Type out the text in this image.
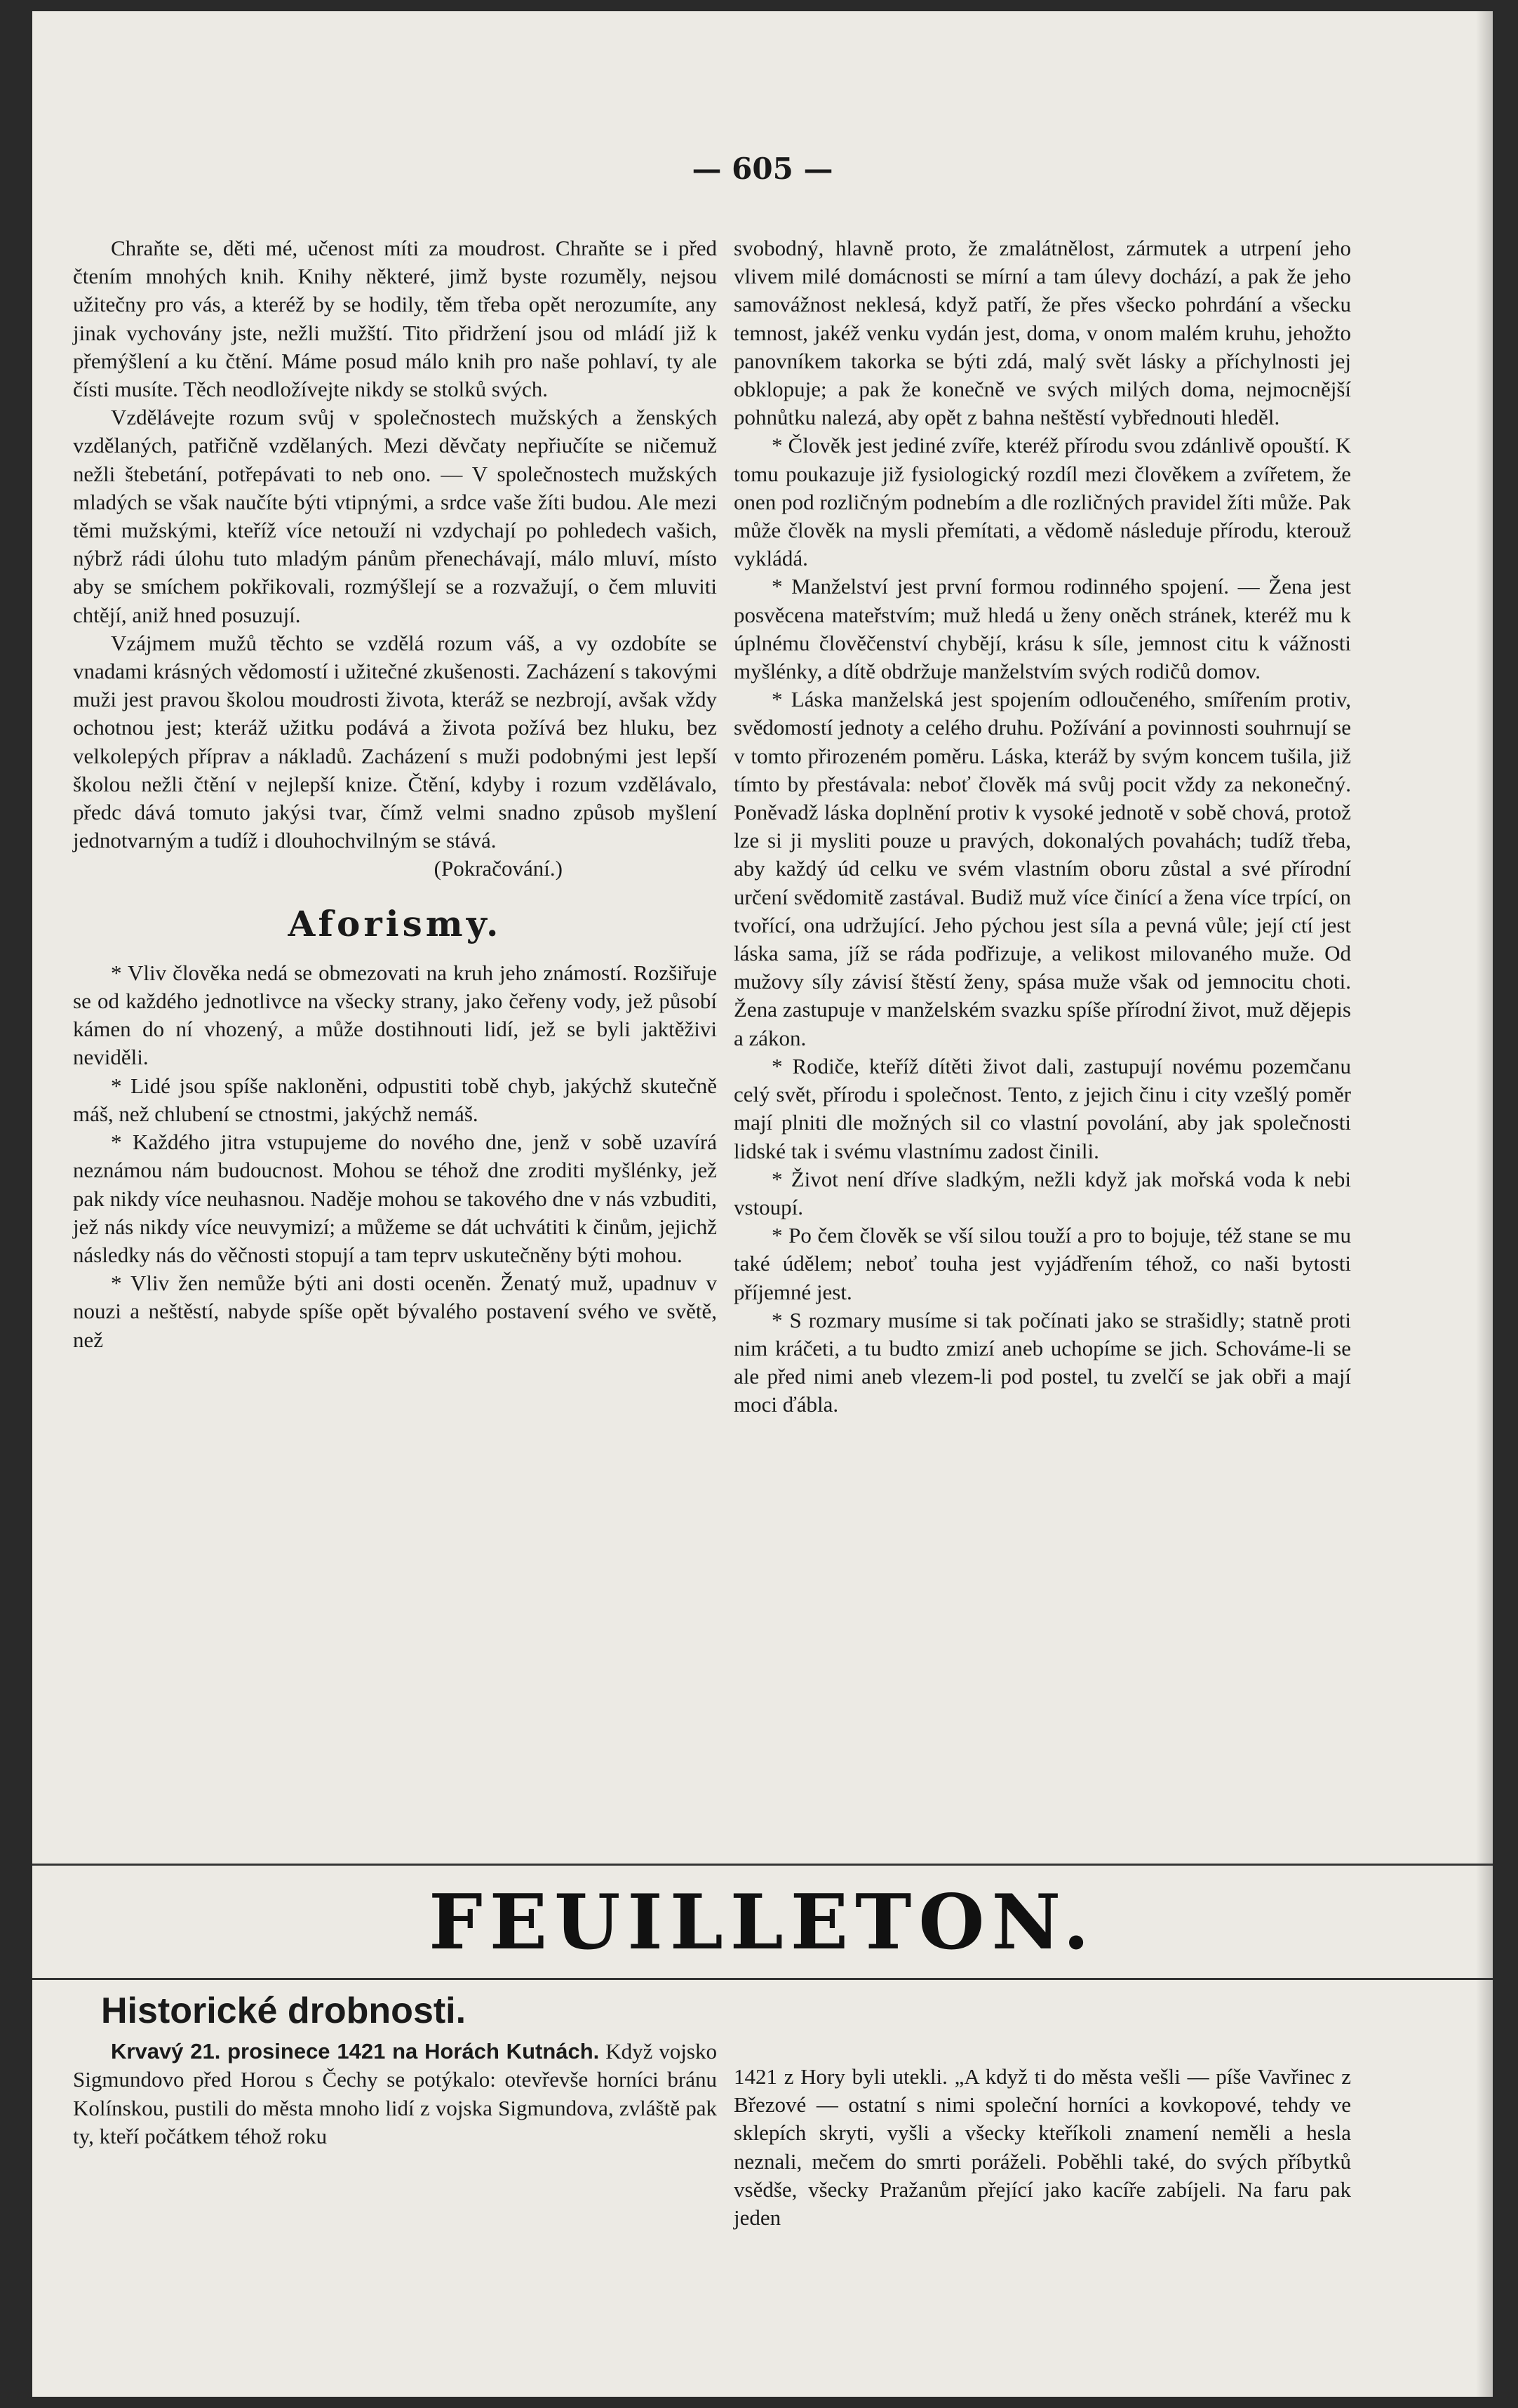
— 605 —

Chraňte se, děti mé, učenost míti za moudrost. Chraňte se i před čtením mnohých knih. Knihy některé, jimž byste rozuměly, nejsou užitečny pro vás, a kteréž by se hodily, těm třeba opět nerozumíte, any jinak vychovány jste, nežli mužští. Tito přidržení jsou od mládí již k přemýšlení a ku čtění. Máme posud málo knih pro naše pohlaví, ty ale čísti musíte. Těch neodložívejte nikdy se stolků svých.

Vzdělávejte rozum svůj v společnostech mužských a ženských vzdělaných, patřičně vzdělaných. Mezi děvčaty nepřiučíte se ničemuž nežli štebetání, potřepávati to neb ono. — V společnostech mužských mladých se však naučíte býti vtipnými, a srdce vaše žíti budou. Ale mezi těmi mužskými, kteříž více netouží ni vzdychají po pohledech vašich, nýbrž rádi úlohu tuto mladým pánům přenechávají, málo mluví, místo aby se smíchem pokřikovali, rozmýšlejí se a rozvažují, o čem mluviti chtějí, aniž hned posuzují.

Vzájmem mužů těchto se vzdělá rozum váš, a vy ozdobíte se vnadami krásných vědomostí i užitečné zkušenosti. Zacházení s takovými muži jest pravou školou moudrosti života, kteráž se nezbrojí, avšak vždy ochotnou jest; kteráž užitku podává a života požívá bez hluku, bez velkolepých příprav a nákladů. Zacházení s muži podobnými jest lepší školou nežli čtění v nejlepší knize. Čtění, kdyby i rozum vzdělávalo, předc dává tomuto jakýsi tvar, čímž velmi snadno způsob myšlení jednotvarným a tudíž i dlouhochvilným se stává.

(Pokračování.)

Aforismy.

* Vliv člověka nedá se obmezovati na kruh jeho známostí. Rozšiřuje se od každého jednotlivce na všecky strany, jako čeřeny vody, jež působí kámen do ní vhozený, a může dostihnouti lidí, jež se byli jaktěživi neviděli.

* Lidé jsou spíše nakloněni, odpustiti tobě chyb, jakýchž skutečně máš, než chlubení se ctnostmi, jakýchž nemáš.

* Každého jitra vstupujeme do nového dne, jenž v sobě uzavírá neznámou nám budoucnost. Mohou se téhož dne zroditi myšlénky, jež pak nikdy více neuhasnou. Naděje mohou se takového dne v nás vzbuditi, jež nás nikdy více neuvymizí; a můžeme se dát uchvátiti k činům, jejichž následky nás do věčnosti stopují a tam teprv uskutečněny býti mohou.

* Vliv žen nemůže býti ani dosti oceněn. Ženatý muž, upadnuv v nouzi a neštěstí, nabyde spíše opět bývalého postavení svého ve světě, než

svobodný, hlavně proto, že zmalátnělost, zármutek a utrpení jeho vlivem milé domácnosti se mírní a tam úlevy dochází, a pak že jeho samovážnost neklesá, když patří, že přes všecko pohrdání a všecku temnost, jakéž venku vydán jest, doma, v onom malém kruhu, jehožto panovníkem takorka se býti zdá, malý svět lásky a příchylnosti jej obklopuje; a pak že konečně ve svých milých doma, nejmocnější pohnůtku nalezá, aby opět z bahna neštěstí vybřednouti hleděl.

* Člověk jest jediné zvíře, kteréž přírodu svou zdánlivě opouští. K tomu poukazuje již fysiologický rozdíl mezi člověkem a zvířetem, že onen pod rozličným podnebím a dle rozličných pravidel žíti může. Pak může člověk na mysli přemítati, a vědomě následuje přírodu, kterouž vykládá.

* Manželství jest první formou rodinného spojení. — Žena jest posvěcena mateřstvím; muž hledá u ženy oněch stránek, kteréž mu k úplnému člověčenství chybějí, krásu k síle, jemnost citu k vážnosti myšlénky, a dítě obdržuje manželstvím svých rodičů domov.

* Láska manželská jest spojením odloučeného, smířením protiv, svědomostí jednoty a celého druhu. Požívání a povinnosti souhrnují se v tomto přirozeném poměru. Láska, kteráž by svým koncem tušila, již tímto by přestávala: neboť člověk má svůj pocit vždy za nekonečný. Poněvadž láska doplnění protiv k vysoké jednotě v sobě chová, protož lze si ji mysliti pouze u pravých, dokonalých povahách; tudíž třeba, aby každý úd celku ve svém vlastním oboru zůstal a své přírodní určení svědomitě zastával. Budiž muž více činící a žena více trpící, on tvořící, ona udržující. Jeho pýchou jest síla a pevná vůle; její ctí jest láska sama, jíž se ráda podřizuje, a velikost milovaného muže. Od mužovy síly závisí štěstí ženy, spása muže však od jemnocitu choti. Žena zastupuje v manželském svazku spíše přírodní život, muž dějepis a zákon.

* Rodiče, kteříž dítěti život dali, zastupují novému pozemčanu celý svět, přírodu i společnost. Tento, z jejich činu i city vzešlý poměr mají plniti dle možných sil co vlastní povolání, aby jak společnosti lidské tak i svému vlastnímu zadost činili.

* Život není dříve sladkým, nežli když jak mořská voda k nebi vstoupí.

* Po čem člověk se vší silou touží a pro to bojuje, též stane se mu také údělem; neboť touha jest vyjádřením téhož, co naši bytosti příjemné jest.

* S rozmary musíme si tak počínati jako se strašidly; statně proti nim kráčeti, a tu budto zmizí aneb uchopíme se jich. Schováme-li se ale před nimi aneb vlezem-li pod postel, tu zvelčí se jak obři a mají moci ďábla.

FEUILLETON.
Historické drobnosti.

Krvavý 21. prosinece 1421 na Horách Kutnách. Když vojsko Sigmundovo před Horou s Čechy se potýkalo: otevřevše horníci bránu Kolínskou, pustili do města mnoho lidí z vojska Sigmundova, zvláště pak ty, kteří počátkem téhož roku

1421 z Hory byli utekli. „A když ti do města vešli — píše Vavřinec z Březové — ostatní s nimi společní horníci a kovkopové, tehdy ve sklepích skryti, vyšli a všecky kteříkoli znamení neměli a hesla neznali, mečem do smrti poráželi. Poběhli také, do svých příbytků vsědše, všecky Pražanům přející jako kacíře zabíjeli. Na faru pak jeden
